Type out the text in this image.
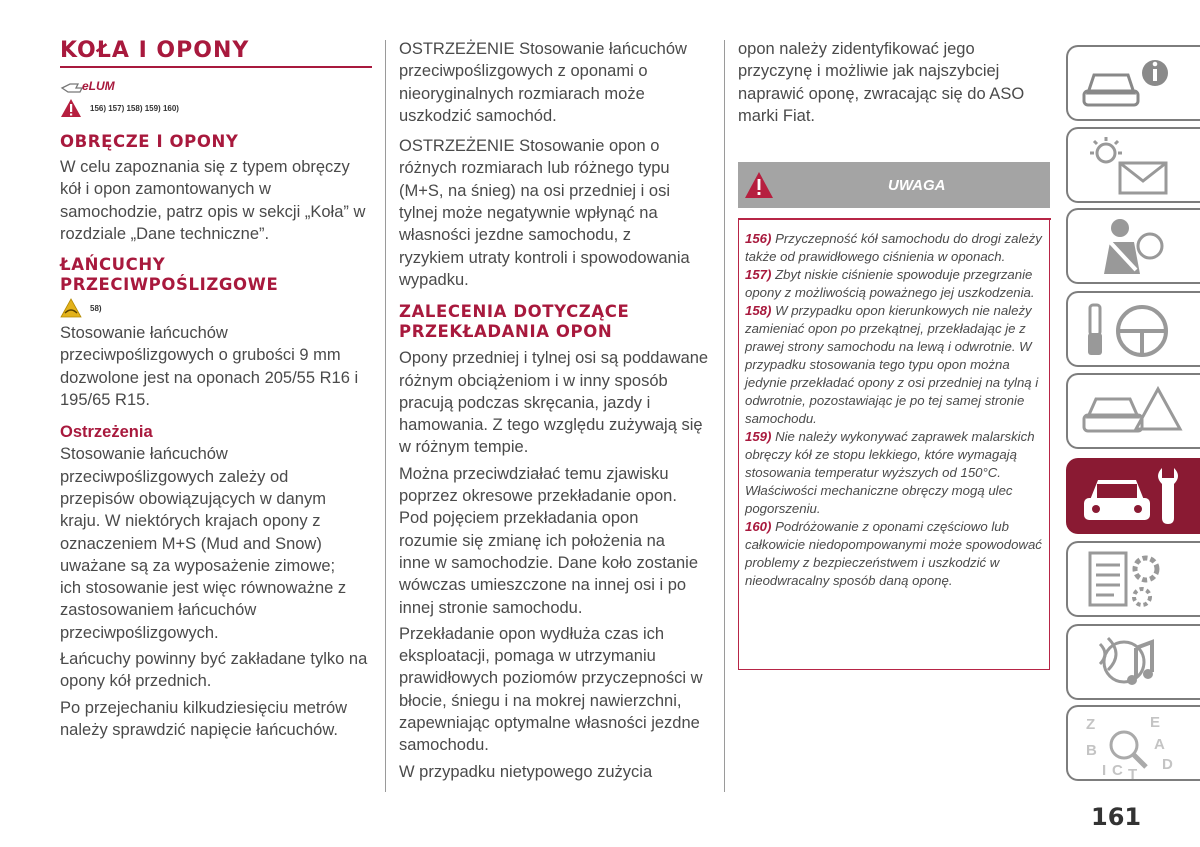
KOŁA I OPONY
eLUM
156) 157) 158) 159) 160)
OBRĘCZE I OPONY

W celu zapoznania się z typem obręczy kół i opon zamontowanych w samochodzie, patrz opis w sekcji „Koła” w rozdziale „Dane techniczne”.

ŁAŃCUCHY
PRZECIWPOŚLIZGOWE
58)

Stosowanie łańcuchów przeciwpoślizgowych o grubości 9 mm dozwolone jest na oponach 205/55 R16 i 195/65 R15.

Ostrzeżenia

Stosowanie łańcuchów przeciwpoślizgowych zależy od przepisów obowiązujących w danym kraju. W niektórych krajach opony z oznaczeniem M+S (Mud and Snow) uważane są za wyposażenie zimowe; ich stosowanie jest więc równoważne z zastosowaniem łańcuchów przeciwpoślizgowych.

Łańcuchy powinny być zakładane tylko na opony kół przednich.

Po przejechaniu kilkudziesięciu metrów należy sprawdzić napięcie łańcuchów.

OSTRZEŻENIE Stosowanie łańcuchów przeciwpoślizgowych z oponami o nieoryginalnych rozmiarach może uszkodzić samochód.

OSTRZEŻENIE Stosowanie opon o różnych rozmiarach lub różnego typu (M+S, na śnieg) na osi przedniej i osi tylnej może negatywnie wpłynąć na własności jezdne samochodu, z ryzykiem utraty kontroli i spowodowania wypadku.

ZALECENIA DOTYCZĄCE
PRZEKŁADANIA OPON

Opony przedniej i tylnej osi są poddawane różnym obciążeniom i w inny sposób pracują podczas skręcania, jazdy i hamowania. Z tego względu zużywają się w różnym tempie.

Można przeciwdziałać temu zjawisku poprzez okresowe przekładanie opon. Pod pojęciem przekładania opon rozumie się zmianę ich położenia na inne w samochodzie. Dane koło zostanie wówczas umieszczone na innej osi i po innej stronie samochodu.

Przekładanie opon wydłuża czas ich eksploatacji, pomaga w utrzymaniu prawidłowych poziomów przyczepności w błocie, śniegu i na mokrej nawierzchni, zapewniając optymalne własności jezdne samochodu.

W przypadku nietypowego zużycia

opon należy zidentyfikować jego przyczynę i możliwie jak najszybciej naprawić oponę, zwracając się do ASO marki Fiat.

UWAGA

156) Przyczepność kół samochodu do drogi zależy także od prawidłowego ciśnienia w oponach.

157) Zbyt niskie ciśnienie spowoduje przegrzanie opony z możliwością poważnego jej uszkodzenia.

158) W przypadku opon kierunkowych nie należy zamieniać opon po przekątnej, przekładając je z prawej strony samochodu na lewą i odwrotnie. W przypadku stosowania tego typu opon można jedynie przekładać opony z osi przedniej na tylną i odwrotnie, pozostawiając je po tej samej stronie samochodu.

159) Nie należy wykonywać zaprawek malarskich obręczy kół ze stopu lekkiego, które wymagają stosowania temperatur wyższych od 150°C. Właściwości mechaniczne obręczy mogą ulec pogorszeniu.

160) Podróżowanie z oponami częściowo lub całkowicie niedopompowanymi może spowodować problemy z bezpieczeństwem i uszkodzić w nieodwracalny sposób daną oponę.

Z	E
B	A
I C T
D
161
